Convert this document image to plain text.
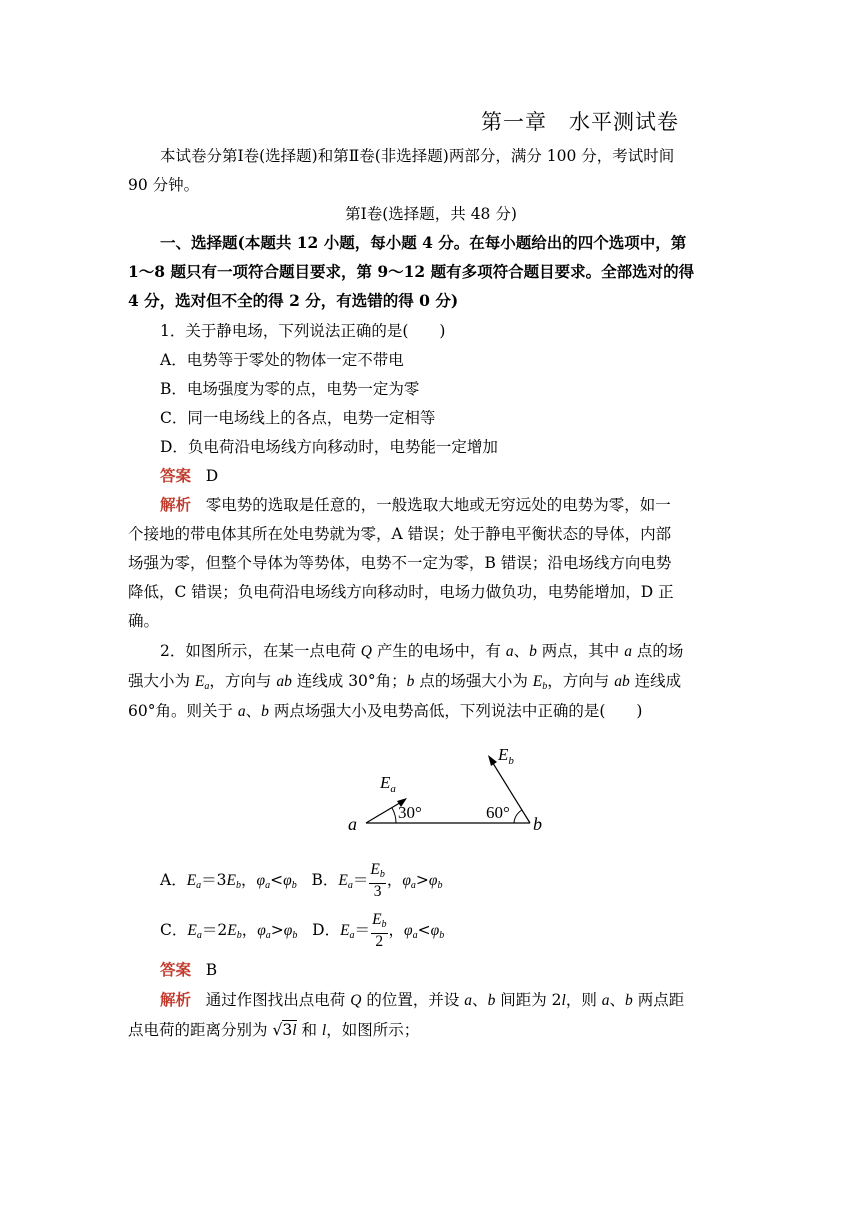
第一章　水平测试卷
本试卷分第Ⅰ卷(选择题)和第Ⅱ卷(非选择题)两部分，满分 100 分，考试时间
90 分钟。
第Ⅰ卷(选择题，共 48 分)
一、选择题(本题共 12 小题，每小题 4 分。在每小题给出的四个选项中，第
1～8 题只有一项符合题目要求，第 9～12 题有多项符合题目要求。全部选对的得
4 分，选对但不全的得 2 分，有选错的得 0 分)
1．关于静电场，下列说法正确的是(　　)
A．电势等于零处的物体一定不带电
B．电场强度为零的点，电势一定为零
C．同一电场线上的各点，电势一定相等
D．负电荷沿电场线方向移动时，电势能一定增加
答案 D
解析 零电势的选取是任意的，一般选取大地或无穷远处的电势为零，如一
个接地的带电体其所在处电势就为零，A 错误；处于静电平衡状态的导体，内部
场强为零，但整个导体为等势体，电势不一定为零，B 错误；沿电场线方向电势
降低，C 错误；负电荷沿电场线方向移动时，电场力做负功，电势能增加，D 正
确。
2．如图所示，在某一点电荷 Q 产生的电场中，有 a、b 两点，其中 a 点的场
强大小为 $E_a$，方向与 ab 连线成 30°角；b 点的场强大小为 $E_b$，方向与 ab 连线成
60°角。则关于 a、b 两点场强大小及电势高低，下列说法中正确的是(　　)
$E_a$
$E_b$
30°	60°
a	b
A．$E_a=3E_b$，$\varphi_a<\varphi_b$ B．$E_a= \frac{E_b}{3}$ ，$\varphi_a>\varphi_b$
C．$E_a=2E_b$，$\varphi_a>\varphi_b$ D．$E_a= \frac{E_b}{2}$ ，$\varphi_a<\varphi_b$
答案 B
解析 通过作图找出点电荷 Q 的位置，并设 a、b 间距为 2l，则 a、b 两点距
点电荷的距离分别为 √3l 和 l，如图所示；
